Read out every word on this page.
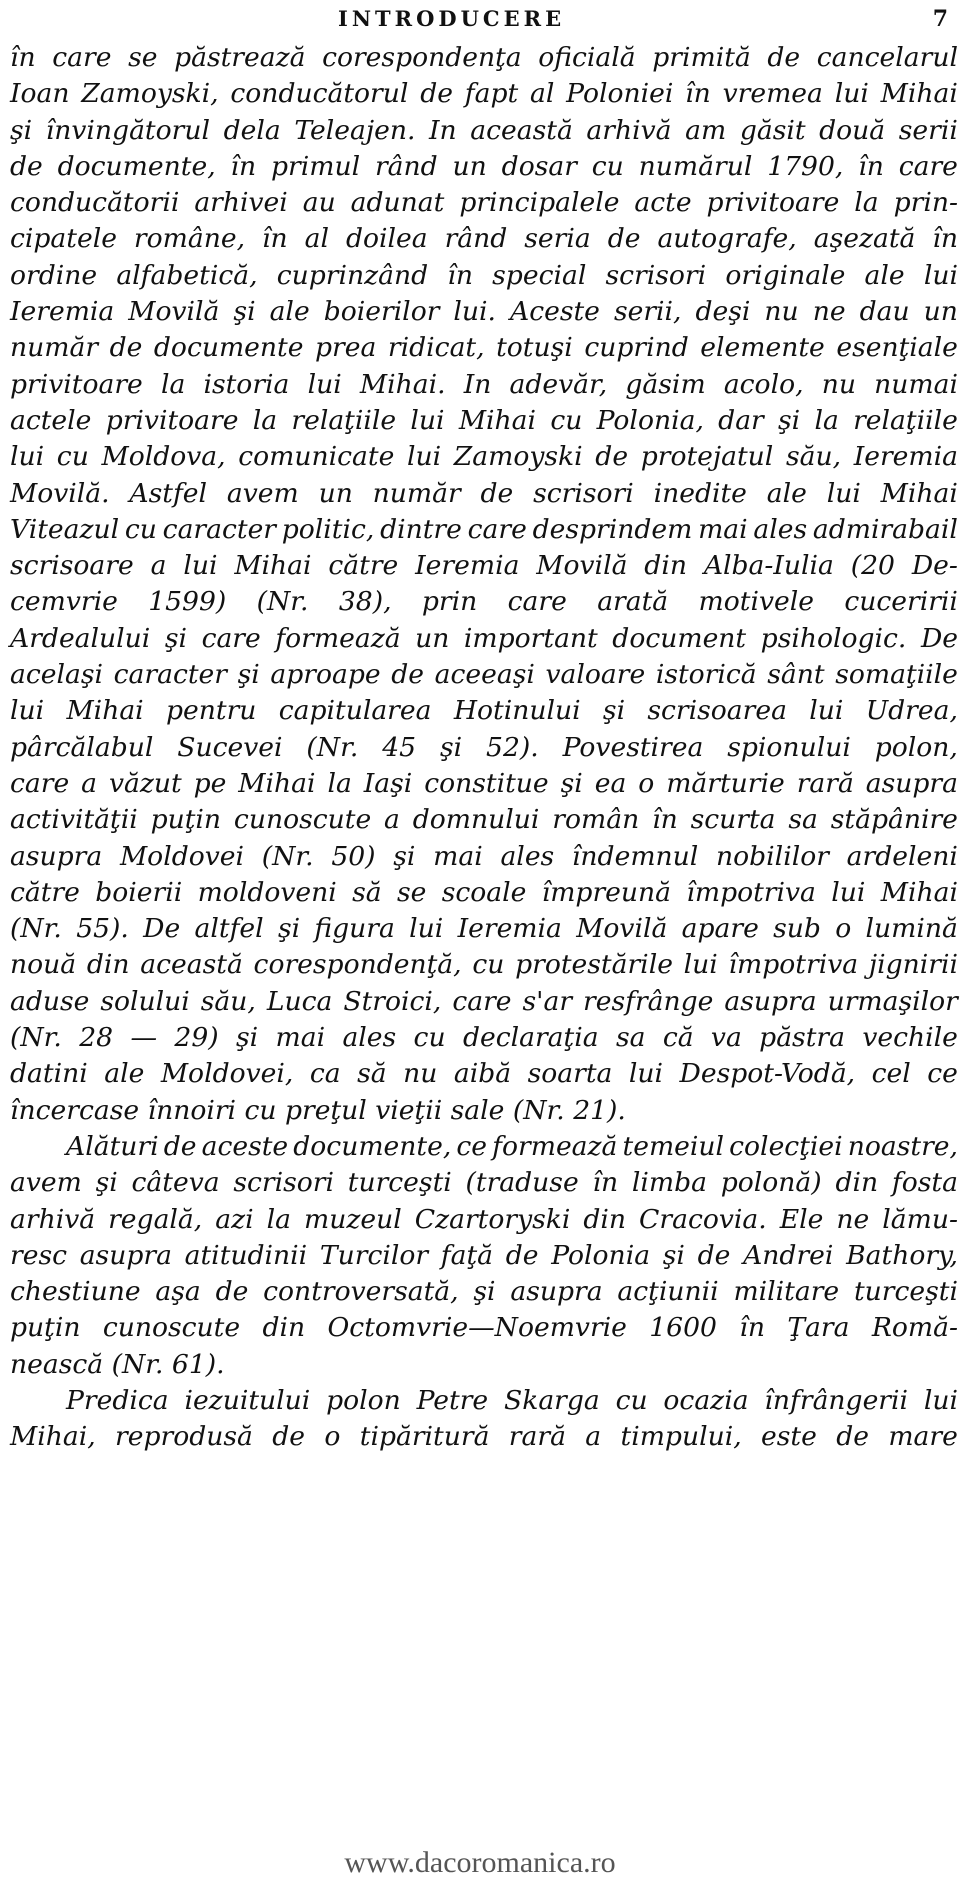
INTRODUCERE	7
în care se păstrează corespondenţa oficială primită de cancelarul
Ioan Zamoyski, conducătorul de fapt al Poloniei în vremea lui Mihai
şi învingătorul dela Teleajen. In această arhivă am găsit două serii
de documente, în primul rând un dosar cu numărul 1790, în care
conducătorii arhivei au adunat principalele acte privitoare la prin-
cipatele române, în al doilea rând seria de autografe, aşezată în
ordine alfabetică, cuprinzând în special scrisori originale ale lui
Ieremia Movilă şi ale boierilor lui. Aceste serii, deşi nu ne dau un
număr de documente prea ridicat, totuşi cuprind elemente esenţiale
privitoare la istoria lui Mihai. In adevăr, găsim acolo, nu numai
actele privitoare la relaţiile lui Mihai cu Polonia, dar şi la relaţiile
lui cu Moldova, comunicate lui Zamoyski de protejatul său, Ieremia
Movilă. Astfel avem un număr de scrisori inedite ale lui Mihai
Viteazul cu caracter politic, dintre care desprindem mai ales admirabail
scrisoare a lui Mihai către Ieremia Movilă din Alba-Iulia (20 De-
cemvrie 1599) (Nr. 38), prin care arată motivele cuceririi
Ardealului şi care formează un important document psihologic. De
acelaşi caracter şi aproape de aceeaşi valoare istorică sânt somaţiile
lui Mihai pentru capitularea Hotinului şi scrisoarea lui Udrea,
pârcălabul Sucevei (Nr. 45 şi 52). Povestirea spionului polon,
care a văzut pe Mihai la Iaşi constitue şi ea o mărturie rară asupra
activităţii puţin cunoscute a domnului român în scurta sa stăpânire
asupra Moldovei (Nr. 50) şi mai ales îndemnul nobililor ardeleni
către boierii moldoveni să se scoale împreună împotriva lui Mihai
(Nr. 55). De altfel şi figura lui Ieremia Movilă apare sub o lumină
nouă din această corespondenţă, cu protestările lui împotriva jignirii
aduse solului său, Luca Stroici, care s'ar resfrânge asupra urmaşilor
(Nr. 28 — 29) şi mai ales cu declaraţia sa că va păstra vechile
datini ale Moldovei, ca să nu aibă soarta lui Despot-Vodă, cel ce
încercase înnoiri cu preţul vieţii sale (Nr. 21).
Alături de aceste documente, ce formează temeiul colecţiei noastre,
avem şi câteva scrisori turceşti (traduse în limba polonă) din fosta
arhivă regală, azi la muzeul Czartoryski din Cracovia. Ele ne lămu-
resc asupra atitudinii Turcilor faţă de Polonia şi de Andrei Bathory,
chestiune aşa de controversată, şi asupra acţiunii militare turceşti
puţin cunoscute din Octomvrie—Noemvrie 1600 în Ţara Romă-
nească (Nr. 61).
Predica iezuitului polon Petre Skarga cu ocazia înfrângerii lui
Mihai, reprodusă de o tipăritură rară a timpului, este de mare
www.dacoromanica.ro
